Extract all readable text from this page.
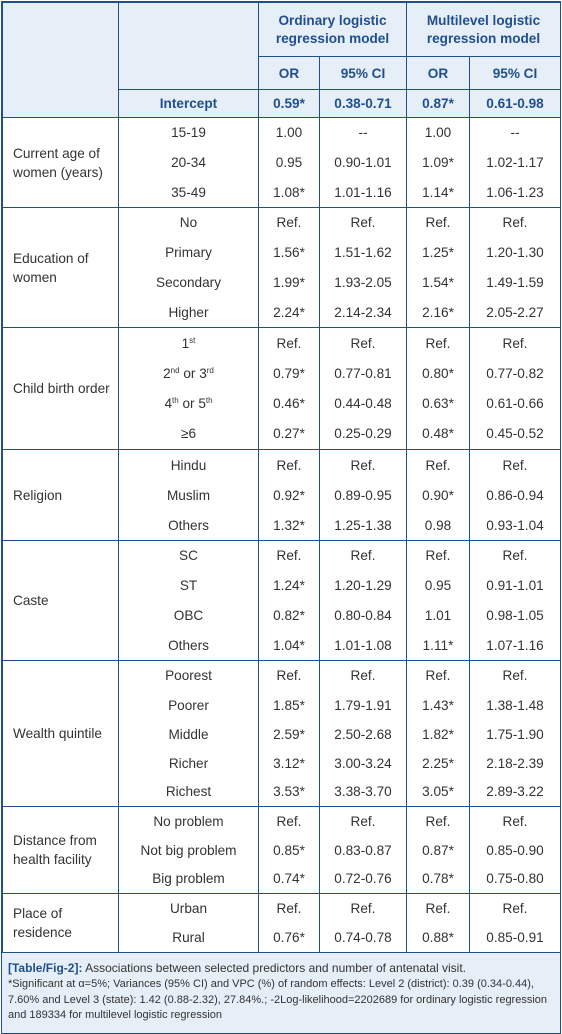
		Ordinary logistic regression model		Multilevel logistic regression model	
		OR	95% CI	OR	95% CI
	Intercept	0.59*	0.38-0.71	0.87*	0.61-0.98
Current age of women (years)	15-19	1.00	--	1.00	--
	20-34	0.95	0.90-1.01	1.09*	1.02-1.17
	35-49	1.08*	1.01-1.16	1.14*	1.06-1.23
Education of women	No	Ref.	Ref.	Ref.	Ref.
	Primary	1.56*	1.51-1.62	1.25*	1.20-1.30
	Secondary	1.99*	1.93-2.05	1.54*	1.49-1.59
	Higher	2.24*	2.14-2.34	2.16*	2.05-2.27
Child birth order	1st	Ref.	Ref.	Ref.	Ref.
	2nd or 3rd	0.79*	0.77-0.81	0.80*	0.77-0.82
	4th or 5th	0.46*	0.44-0.48	0.63*	0.61-0.66
	≥6	0.27*	0.25-0.29	0.48*	0.45-0.52
Religion	Hindu	Ref.	Ref.	Ref.	Ref.
	Muslim	0.92*	0.89-0.95	0.90*	0.86-0.94
	Others	1.32*	1.25-1.38	0.98	0.93-1.04
Caste	SC	Ref.	Ref.	Ref.	Ref.
	ST	1.24*	1.20-1.29	0.95	0.91-1.01
	OBC	0.82*	0.80-0.84	1.01	0.98-1.05
	Others	1.04*	1.01-1.08	1.11*	1.07-1.16
Wealth quintile	Poorest	Ref.	Ref.	Ref.	Ref.
	Poorer	1.85*	1.79-1.91	1.43*	1.38-1.48
	Middle	2.59*	2.50-2.68	1.82*	1.75-1.90
	Richer	3.12*	3.00-3.24	2.25*	2.18-2.39
	Richest	3.53*	3.38-3.70	3.05*	2.89-3.22
Distance from health facility	No problem	Ref.	Ref.	Ref.	Ref.
	Not big problem	0.85*	0.83-0.87	0.87*	0.85-0.90
	Big problem	0.74*	0.72-0.76	0.78*	0.75-0.80
Place of residence	Urban	Ref.	Ref.	Ref.	Ref.
	Rural	0.76*	0.74-0.78	0.88*	0.85-0.91
[Table/Fig-2]: Associations between selected predictors and number of antenatal visit.
*Significant at α=5%; Variances (95% CI) and VPC (%) of random effects: Level 2 (district): 0.39 (0.34-0.44), 7.60% and Level 3 (state): 1.42 (0.88-2.32), 27.84%.; -2Log-likelihood=2202689 for ordinary logistic regression and 189334 for multilevel logistic regression
